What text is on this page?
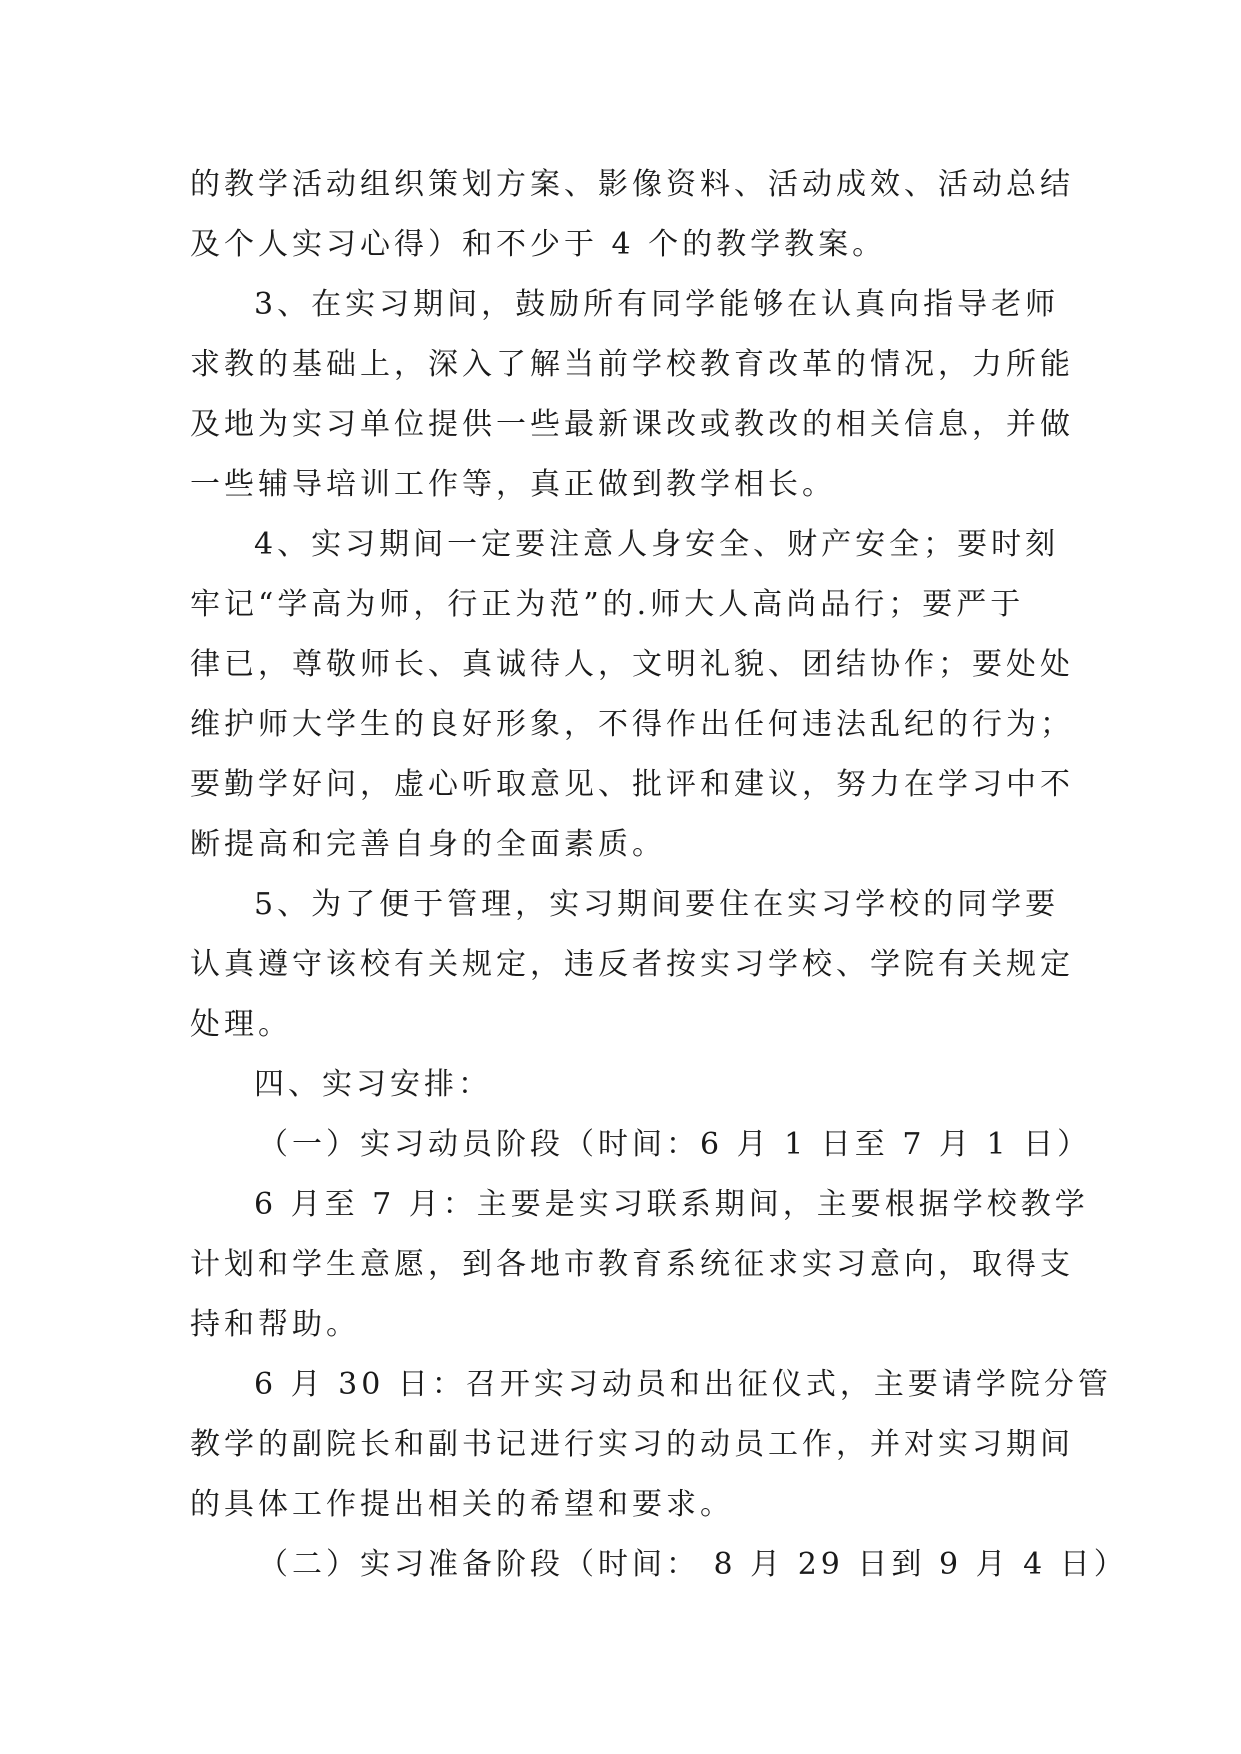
的教学活动组织策划方案、影像资料、活动成效、活动总结
及个人实习心得）和不少于 4 个的教学教案。
3、在实习期间，鼓励所有同学能够在认真向指导老师
求教的基础上，深入了解当前学校教育改革的情况，力所能
及地为实习单位提供一些最新课改或教改的相关信息，并做
一些辅导培训工作等，真正做到教学相长。
4、实习期间一定要注意人身安全、财产安全；要时刻
牢记“学高为师，行正为范”的.师大人高尚品行；要严于
律已，尊敬师长、真诚待人，文明礼貌、团结协作；要处处
维护师大学生的良好形象，不得作出任何违法乱纪的行为；
要勤学好问，虚心听取意见、批评和建议，努力在学习中不
断提高和完善自身的全面素质。
5、为了便于管理，实习期间要住在实习学校的同学要
认真遵守该校有关规定，违反者按实习学校、学院有关规定
处理。
四、实习安排：
（一）实习动员阶段（时间：6 月 1 日至 7 月 1 日）
6 月至 7 月：主要是实习联系期间，主要根据学校教学
计划和学生意愿，到各地市教育系统征求实习意向，取得支
持和帮助。
6 月 30 日：召开实习动员和出征仪式，主要请学院分管
教学的副院长和副书记进行实习的动员工作，并对实习期间
的具体工作提出相关的希望和要求。
（二）实习准备阶段（时间： 8 月 29 日到 9 月 4 日）
